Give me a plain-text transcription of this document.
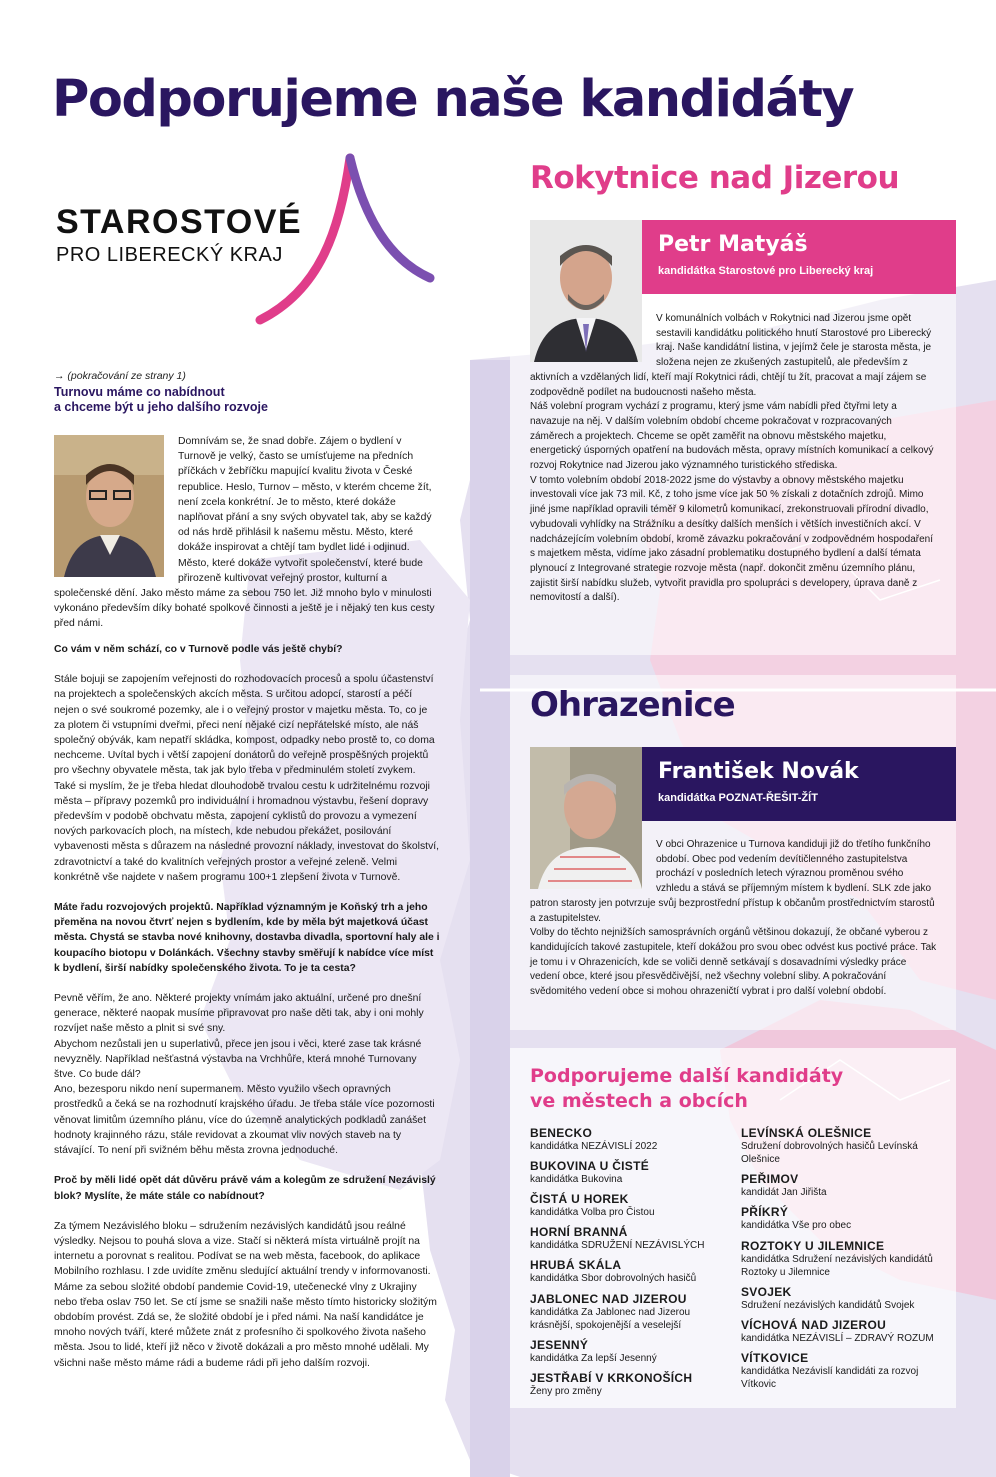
Podporujeme naše kandidáty
STAROSTOVÉ
PRO LIBERECKÝ KRAJ
→ (pokračování ze strany 1)
Turnovu máme co nabídnout
a chceme být u jeho dalšího rozvoje
Domnívám se, že snad dobře. Zájem o bydlení v Turnově je velký, často se umísťujeme na předních příčkách v žebříčku mapující kvalitu života v České republice. Heslo, Turnov – město, v kterém chceme žít, není zcela konkrétní. Je to město, které dokáže naplňovat přání a sny svých obyvatel tak, aby se každý od nás hrdě přihlásil k našemu městu. Město, které dokáže inspirovat a chtějí tam bydlet lidé i odjinud. Město, které dokáže vytvořit společenství, které bude přirozeně kultivovat veřejný prostor, kulturní a společenské dění. Jako město máme za sebou 750 let. Již mnoho bylo v minulosti vykonáno především díky bohaté spolkové činnosti a ještě je i nějaký ten kus cesty před námi.

Co vám v něm schází, co v Turnově podle vás ještě chybí?

Stále bojuji se zapojením veřejnosti do rozhodovacích procesů a spolu účastenství na projektech a společenských akcích města. S určitou adopcí, starostí a péčí nejen o své soukromé pozemky, ale i o veřejný prostor v majetku města. To, co je za plotem či vstupními dveřmi, přeci není nějaké cizí nepřátelské místo, ale náš společný obývák, kam nepatří skládka, kompost, odpadky nebo prostě to, co doma nechceme. Uvítal bych i větší zapojení donátorů do veřejně prospěšných projektů pro všechny obyvatele města, tak jak bylo třeba v předminulém století zvykem.
Také si myslím, že je třeba hledat dlouhodobě trvalou cestu k udržitelnému rozvoji města – přípravy pozemků pro individuální i hromadnou výstavbu, řešení dopravy především v podobě obchvatu města, zapojení cyklistů do provozu a vymezení nových parkovacích ploch, na místech, kde nebudou překážet, posilování vybavenosti města s důrazem na následné provozní náklady, investovat do školství, zdravotnictví a také do kvalitních veřejných prostor a veřejné zeleně. Velmi konkrétně vše najdete v našem programu 100+1 zlepšení života v Turnově.

Máte řadu rozvojových projektů. Například významným je Koňský trh a jeho přeměna na novou čtvrť nejen s bydlením, kde by měla být majetková účast města. Chystá se stavba nové knihovny, dostavba divadla, sportovní haly ale i koupacího biotopu v Dolánkách. Všechny stavby směřují k nabídce více míst k bydlení, širší nabídky společenského života. To je ta cesta?

Pevně věřím, že ano. Některé projekty vnímám jako aktuální, určené pro dnešní generace, některé naopak musíme připravovat pro naše děti tak, aby i oni mohly rozvíjet naše město a plnit si své sny.
Abychom nezůstali jen u superlativů, přece jen jsou i věci, které zase tak krásné nevyzněly. Například nešťastná výstavba na Vrchhůře, která mnohé Turnovany štve. Co bude dál?
Ano, bezesporu nikdo není supermanem. Město využilo všech opravných prostředků a čeká se na rozhodnutí krajského úřadu. Je třeba stále více pozornosti věnovat limitům územního plánu, více do územně analytických podkladů zanášet hodnoty krajinného rázu, stále revidovat a zkoumat vliv nových staveb na ty stávající. To není při svižném běhu města zrovna jednoduché.

Proč by měli lidé opět dát důvěru právě vám a kolegům ze sdružení Nezávislý blok? Myslíte, že máte stále co nabídnout?

Za týmem Nezávislého bloku – sdružením nezávislých kandidátů jsou reálné výsledky. Nejsou to pouhá slova a vize. Stačí si některá místa virtuálně projít na internetu a porovnat s realitou. Podívat se na web města, facebook, do aplikace Mobilního rozhlasu. I zde uvidíte změnu sledující aktuální trendy v informovanosti. Máme za sebou složité období pandemie Covid-19, utečenecké vlny z Ukrajiny nebo třeba oslav 750 let. Se ctí jsme se snažili naše město tímto historicky složitým obdobím provést. Zdá se, že složité období je i před námi. Na naší kandidátce je mnoho nových tváří, které můžete znát z profesního či spolkového života našeho města. Jsou to lidé, kteří již něco v životě dokázali a pro město mnohé udělali. My všichni naše město máme rádi a budeme rádi při jeho dalším rozvoji.

Rokytnice nad Jizerou
Petr Matyáš
kandidátka Starostové pro Liberecký kraj

V komunálních volbách v Rokytnici nad Jizerou jsme opět sestavili kandidátku politického hnutí Starostové pro Liberecký kraj. Naše kandidátní listina, v jejímž čele je starosta města, je složena nejen ze zkušených zastupitelů, ale především z aktivních a vzdělaných lidí, kteří mají Rokytnici rádi, chtějí tu žít, pracovat a mají zájem se zodpovědně podílet na budoucnosti našeho města.

Náš volební program vychází z programu, který jsme vám nabídli před čtyřmi lety a navazuje na něj. V dalším volebním období chceme pokračovat v rozpracovaných záměrech a projektech. Chceme se opět zaměřit na obnovu městského majetku, energetický úsporných opatření na budovách města, opravy místních komunikací a celkový rozvoj Rokytnice nad Jizerou jako významného turistického střediska.

V tomto volebním období 2018-2022 jsme do výstavby a obnovy městského majetku investovali více jak 73 mil. Kč, z toho jsme více jak 50 % získali z dotačních zdrojů. Mimo jiné jsme například opravili téměř 9 kilometrů komunikací, zrekonstruovali přírodní divadlo, vybudovali vyhlídky na Strážníku a desítky dalších menších i větších investičních akcí. V nadcházejícím volebním období, kromě závazku pokračování v zodpovědném hospodaření s majetkem města, vidíme jako zásadní problematiku dostupného bydlení a další témata plynoucí z Integrované strategie rozvoje města (např. dokončit změnu územního plánu, zajistit širší nabídku služeb, vytvořit pravidla pro spolupráci s developery, úprava daně z nemovitostí a další).

Ohrazenice
František Novák
kandidátka POZNAT-ŘEŠIT-ŽÍT

V obci Ohrazenice u Turnova kandiduji již do třetího funkčního období. Obec pod vedením devítičlenného zastupitelstva prochází v posledních letech výraznou proměnou svého vzhledu a stává se příjemným místem k bydlení. SLK zde jako patron starosty jen potvrzuje svůj bezprostřední přístup k občanům prostřednictvím starostů a zastupitelstev.

Volby do těchto nejnižších samosprávních orgánů většinou dokazují, že občané vyberou z kandidujících takové zastupitele, kteří dokážou pro svou obec odvést kus poctivé práce. Tak je tomu i v Ohrazenicích, kde se voliči denně setkávají s dosavadními výsledky práce vedení obce, které jsou přesvědčivější, než všechny volební sliby. A pokračování svědomitého vedení obce si mohou ohrazeničtí vybrat i pro další volební období.

Podporujeme další kandidáty
ve městech a obcích
BENECKO
kandidátka NEZÁVISLÍ 2022
BUKOVINA U ČISTÉ
kandidátka Bukovina
ČISTÁ U HOREK
kandidátka Volba pro Čistou
HORNÍ BRANNÁ
kandidátka SDRUŽENÍ NEZÁVISLÝCH
HRUBÁ SKÁLA
kandidátka Sbor dobrovolných hasičů
JABLONEC NAD JIZEROU
kandidátka Za Jablonec nad Jizerou krásnější, spokojenější a veselejší
JESENNÝ
kandidátka Za lepší Jesenný
JESTŘABÍ V KRKONOŠÍCH
Ženy pro změny
LEVÍNSKÁ OLEŠNICE
Sdružení dobrovolných hasičů Levínská Olešnice
PEŘIMOV
kandidát Jan Jiřišta
PŘÍKRÝ
kandidátka Vše pro obec
ROZTOKY U JILEMNICE
kandidátka Sdružení nezávislých kandidátů Roztoky u Jilemnice
SVOJEK
Sdružení nezávislých kandidátů Svojek
VÍCHOVÁ NAD JIZEROU
kandidátka NEZÁVISLÍ – ZDRAVÝ ROZUM
VÍTKOVICE
kandidátka Nezávislí kandidáti za rozvoj Vítkovic
